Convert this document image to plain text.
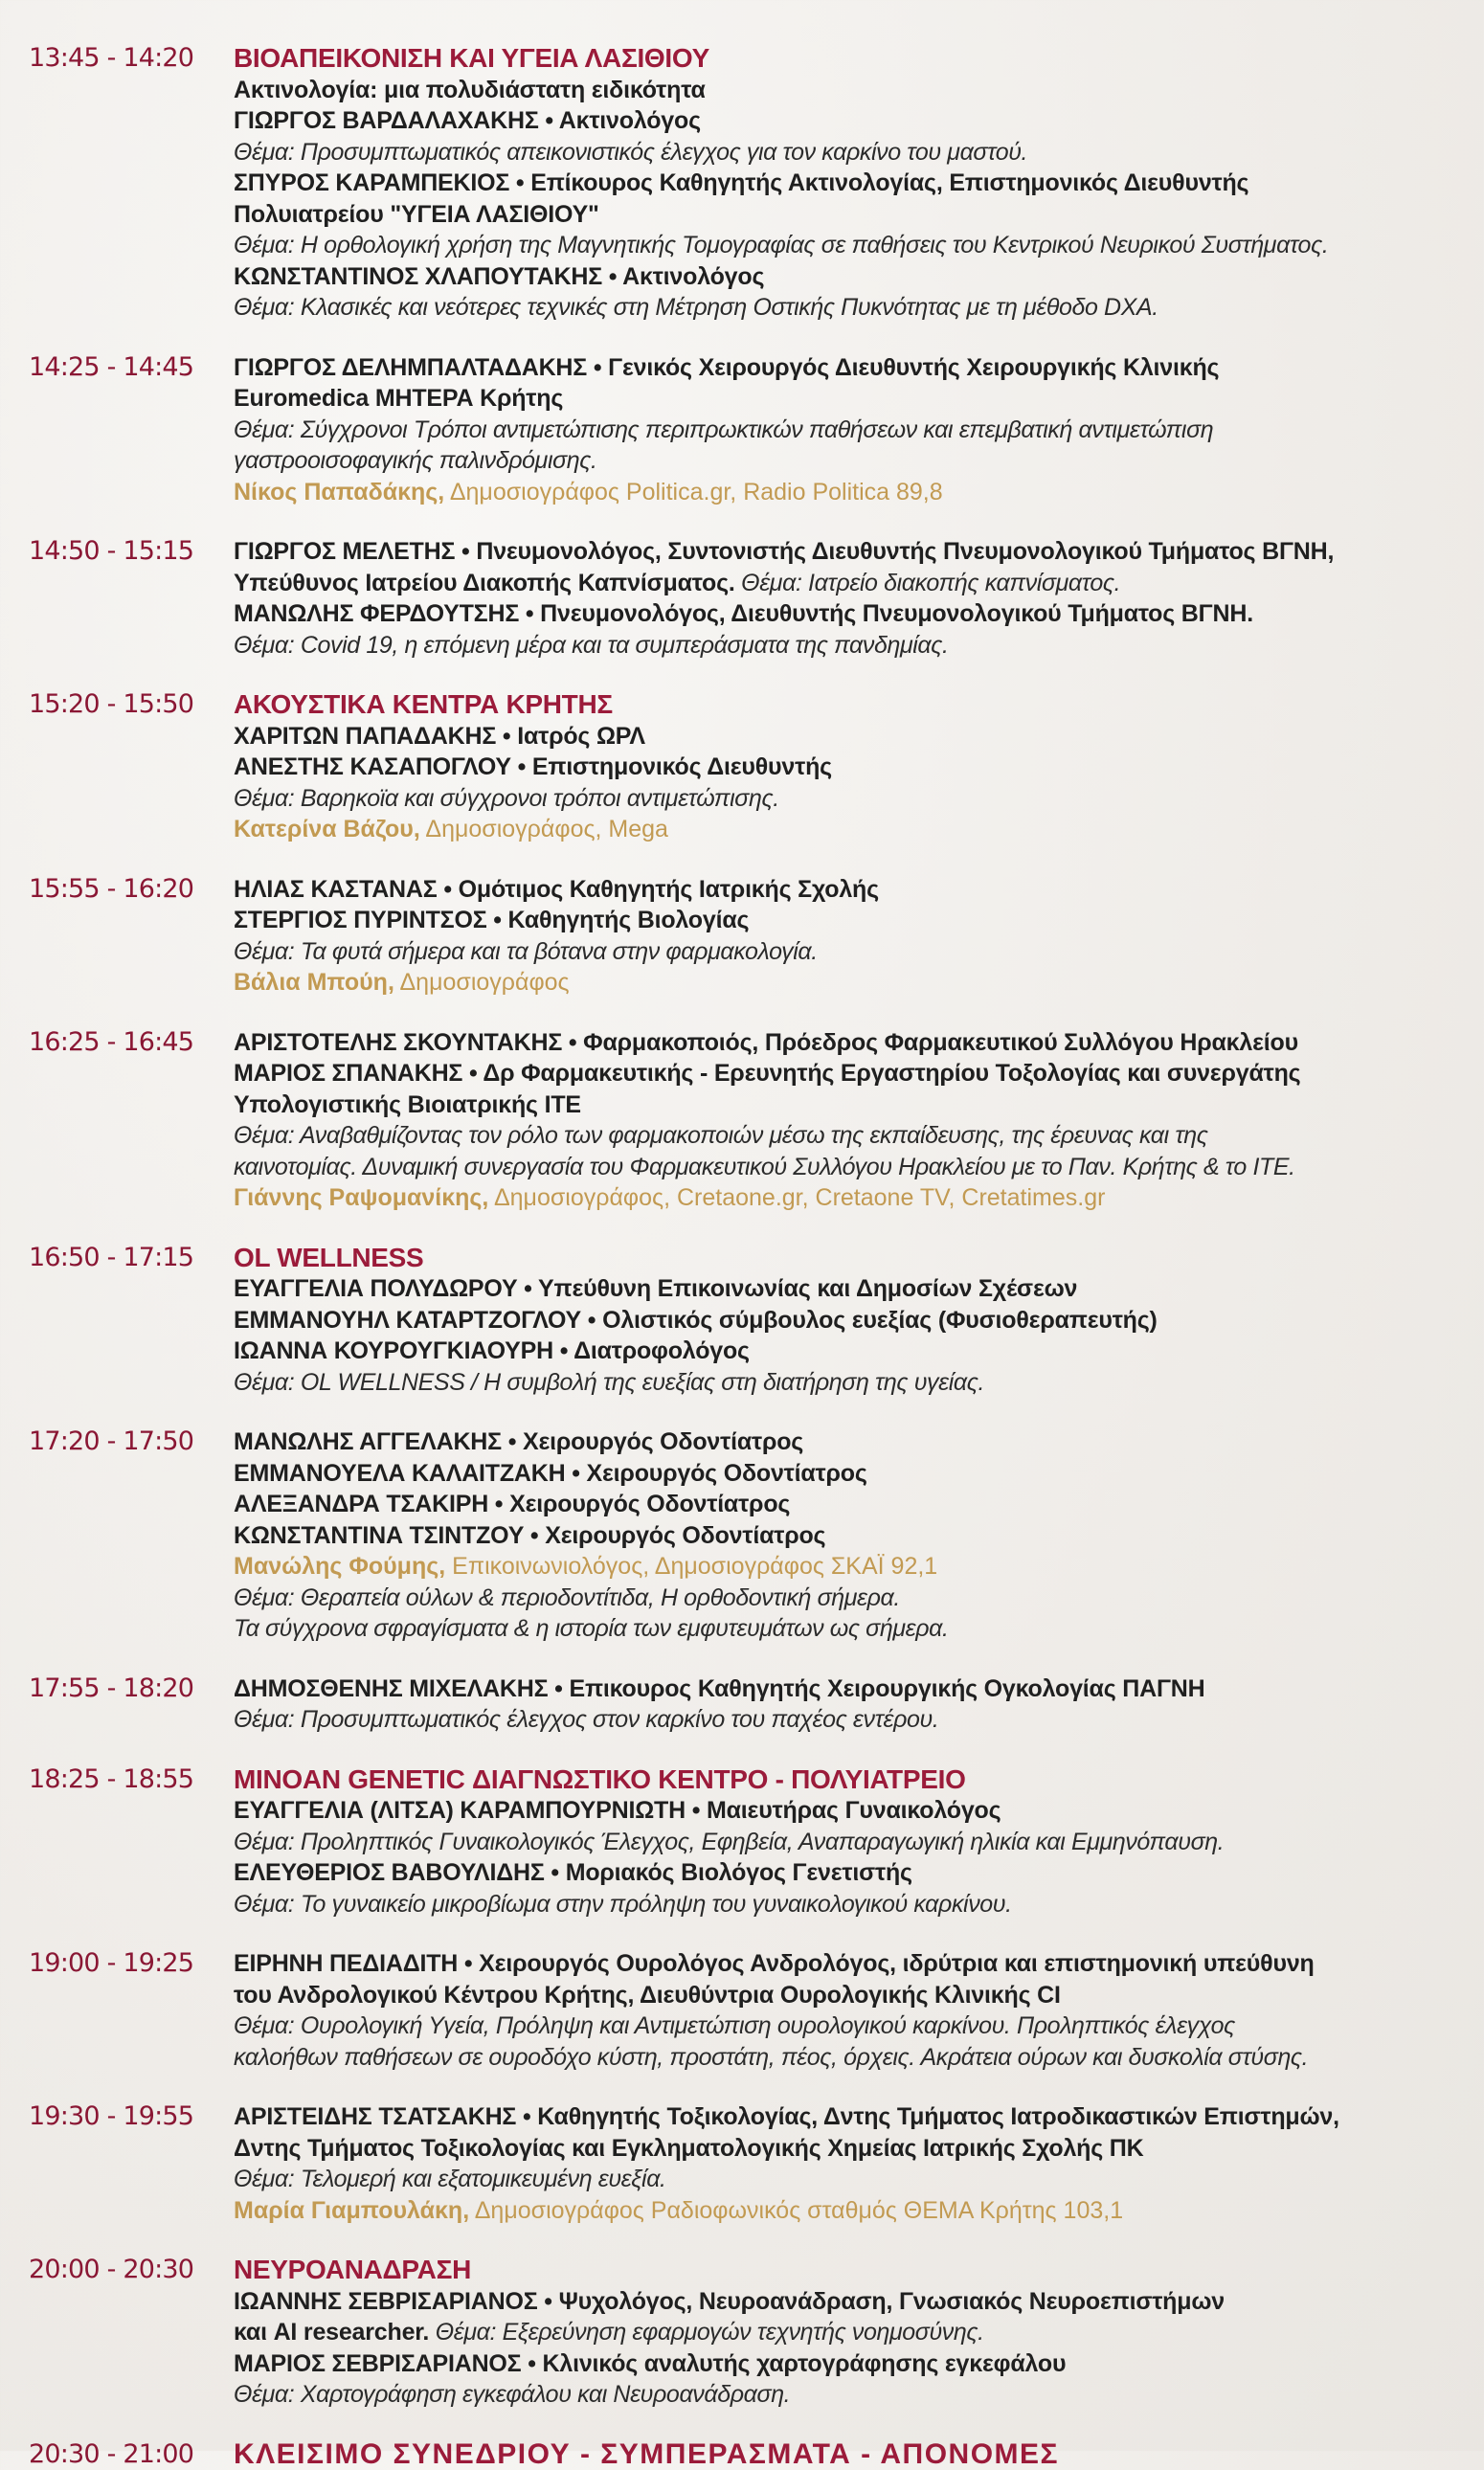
13:45 - 14:20	ΒΙΟΑΠΕΙΚΟΝΙΣΗ ΚΑΙ ΥΓΕΙΑ ΛΑΣΙΘΙΟΥ
Ακτινολογία: μια πολυδιάστατη ειδικότητα
ΓΙΩΡΓΟΣ ΒΑΡΔΑΛΑΧΑΚΗΣ • Ακτινολόγος
Θέμα: Προσυμπτωματικός απεικονιστικός έλεγχος για τον καρκίνο του μαστού.
ΣΠΥΡΟΣ ΚΑΡΑΜΠΕΚΙΟΣ • Επίκουρος Καθηγητής Ακτινολογίας, Επιστημονικός Διευθυντής
Πολυιατρείου "ΥΓΕΙΑ ΛΑΣΙΘΙΟΥ"
Θέμα: Η ορθολογική χρήση της Μαγνητικής Τομογραφίας σε παθήσεις του Κεντρικού Νευρικού Συστήματος.
ΚΩΝΣΤΑΝΤΙΝΟΣ ΧΛΑΠΟΥΤΑΚΗΣ • Ακτινολόγος
Θέμα: Κλασικές και νεότερες τεχνικές στη Μέτρηση Οστικής Πυκνότητας με τη μέθοδο DXA.
14:25 - 14:45	ΓΙΩΡΓΟΣ ΔΕΛΗΜΠΑΛΤΑΔΑΚΗΣ • Γενικός Χειρουργός Διευθυντής Χειρουργικής Κλινικής
Euromedica ΜΗΤΕΡΑ Κρήτης
Θέμα: Σύγχρονοι Τρόποι αντιμετώπισης περιπρωκτικών παθήσεων και επεμβατική αντιμετώπιση
γαστροοισοφαγικής παλινδρόμισης.
Νίκος Παπαδάκης, Δημοσιογράφος Politica.gr, Radio Politica 89,8
14:50 - 15:15	ΓΙΩΡΓΟΣ ΜΕΛΕΤΗΣ • Πνευμονολόγος, Συντονιστής Διευθυντής Πνευμονολογικού Τμήματος ΒΓΝΗ,
Υπεύθυνος Ιατρείου Διακοπής Καπνίσματος. Θέμα: Ιατρείο διακοπής καπνίσματος.
ΜΑΝΩΛΗΣ ΦΕΡΔΟΥΤΣΗΣ • Πνευμονολόγος, Διευθυντής Πνευμονολογικού Τμήματος ΒΓΝΗ.
Θέμα: Covid 19, η επόμενη μέρα και τα συμπεράσματα της πανδημίας.
15:20 - 15:50	ΑΚΟΥΣΤΙΚΑ ΚΕΝΤΡΑ ΚΡΗΤΗΣ
ΧΑΡΙΤΩΝ ΠΑΠΑΔΑΚΗΣ • Ιατρός ΩΡΛ
ΑΝΕΣΤΗΣ ΚΑΣΑΠΟΓΛΟΥ • Επιστημονικός Διευθυντής
Θέμα: Βαρηκοϊα και σύγχρονοι τρόποι αντιμετώπισης.
Κατερίνα Βάζου, Δημοσιογράφος, Mega
15:55 - 16:20	ΗΛΙΑΣ ΚΑΣΤΑΝΑΣ • Ομότιμος Καθηγητής Ιατρικής Σχολής
ΣΤΕΡΓΙΟΣ ΠΥΡΙΝΤΣΟΣ • Καθηγητής Βιολογίας
Θέμα: Τα φυτά σήμερα και τα βότανα στην φαρμακολογία.
Βάλια Μπούη, Δημοσιογράφος
16:25 - 16:45	ΑΡΙΣΤΟΤΕΛΗΣ ΣΚΟΥΝΤΑΚΗΣ • Φαρμακοποιός, Πρόεδρος Φαρμακευτικού Συλλόγου Ηρακλείου
ΜΑΡΙΟΣ ΣΠΑΝΑΚΗΣ • Δρ Φαρμακευτικής - Ερευνητής Εργαστηρίου Τοξολογίας και συνεργάτης
Υπολογιστικής Βιοιατρικής ΙΤΕ
Θέμα: Αναβαθμίζοντας τον ρόλο των φαρμακοποιών μέσω της εκπαίδευσης, της έρευνας και της
καινοτομίας. Δυναμική συνεργασία του Φαρμακευτικού Συλλόγου Ηρακλείου με το Παν. Κρήτης & το ΙΤΕ.
Γιάννης Ραψομανίκης, Δημοσιογράφος, Cretaone.gr, Cretaone TV, Cretatimes.gr
16:50 - 17:15	OL WELLNESS
ΕΥΑΓΓΕΛΙΑ ΠΟΛΥΔΩΡΟΥ • Υπεύθυνη Επικοινωνίας και Δημοσίων Σχέσεων
ΕΜΜΑΝΟΥΗΛ ΚΑΤΑΡΤΖΟΓΛΟΥ • Ολιστικός σύμβουλος ευεξίας (Φυσιοθεραπευτής)
ΙΩΑΝΝΑ ΚΟΥΡΟΥΓΚΙΑΟΥΡΗ • Διατροφολόγος
Θέμα: OL WELLNESS / Η συμβολή της ευεξίας στη διατήρηση της υγείας.
17:20 - 17:50	ΜΑΝΩΛΗΣ ΑΓΓΕΛΑΚΗΣ • Χειρουργός Οδοντίατρος
ΕΜΜΑΝΟΥΕΛΑ ΚΑΛΑΙΤΖΑΚΗ • Χειρουργός Οδοντίατρος
ΑΛΕΞΑΝΔΡΑ ΤΣΑΚΙΡΗ • Χειρουργός Οδοντίατρος
ΚΩΝΣΤΑΝΤΙΝΑ ΤΣΙΝΤΖΟΥ • Χειρουργός Οδοντίατρος
Μανώλης Φούμης, Επικοινωνιολόγος, Δημοσιογράφος ΣΚΑΪ 92,1
Θέμα: Θεραπεία ούλων & περιοδοντίτιδα, Η ορθοδοντική σήμερα.
Τα σύγχρονα σφραγίσματα & η ιστορία των εμφυτευμάτων ως σήμερα.
17:55 - 18:20	ΔΗΜΟΣΘΕΝΗΣ ΜΙΧΕΛΑΚΗΣ • Επικουρος Καθηγητής Χειρουργικής Ογκολογίας ΠΑΓΝΗ
Θέμα: Προσυμπτωματικός έλεγχος στον καρκίνο του παχέος εντέρου.
18:25 - 18:55	MINOAN GENETIC ΔΙΑΓΝΩΣΤΙΚΟ ΚΕΝΤΡΟ - ΠΟΛΥΙΑΤΡΕΙΟ
ΕΥΑΓΓΕΛΙΑ (ΛΙΤΣΑ) ΚΑΡΑΜΠΟΥΡΝΙΩΤΗ • Μαιευτήρας Γυναικολόγος
Θέμα: Προληπτικός Γυναικολογικός Έλεγχος, Εφηβεία, Αναπαραγωγική ηλικία και Εμμηνόπαυση.
ΕΛΕΥΘΕΡΙΟΣ ΒΑΒΟΥΛΙΔΗΣ • Μοριακός Βιολόγος Γενετιστής
Θέμα: Το γυναικείο μικροβίωμα στην πρόληψη του γυναικολογικού καρκίνου.
19:00 - 19:25	ΕΙΡΗΝΗ ΠΕΔΙΑΔΙΤΗ • Χειρουργός Ουρολόγος Ανδρολόγος, ιδρύτρια και επιστημονική υπεύθυνη
του Ανδρολογικού Κέντρου Κρήτης, Διευθύντρια Ουρολογικής Κλινικής CI
Θέμα: Ουρολογική Υγεία, Πρόληψη και Αντιμετώπιση ουρολογικού καρκίνου. Προληπτικός έλεγχος
καλοήθων παθήσεων σε ουροδόχο κύστη, προστάτη, πέος, όρχεις. Ακράτεια ούρων και δυσκολία στύσης.
19:30 - 19:55	ΑΡΙΣΤΕΙΔΗΣ ΤΣΑΤΣΑΚΗΣ • Καθηγητής Τοξικολογίας, Δντης Τμήματος Ιατροδικαστικών Επιστημών,
Δντης Τμήματος Τοξικολογίας και Εγκληματολογικής Χημείας Ιατρικής Σχολής ΠΚ
Θέμα: Τελομερή και εξατομικευμένη ευεξία.
Μαρία Γιαμπουλάκη, Δημοσιογράφος Ραδιοφωνικός σταθμός ΘΕΜΑ Κρήτης 103,1
20:00 - 20:30	ΝΕΥΡΟΑΝΑΔΡΑΣΗ
ΙΩΑΝΝΗΣ ΣΕΒΡΙΣΑΡΙΑΝΟΣ • Ψυχολόγος, Νευροανάδραση, Γνωσιακός Νευροεπιστήμων
και AI researcher. Θέμα: Εξερεύνηση εφαρμογών τεχνητής νοημοσύνης.
ΜΑΡΙΟΣ ΣΕΒΡΙΣΑΡΙΑΝΟΣ • Κλινικός αναλυτής χαρτογράφησης εγκεφάλου
Θέμα: Χαρτογράφηση εγκεφάλου και Νευροανάδραση.
20:30 - 21:00	ΚΛΕΙΣΙΜΟ ΣΥΝΕΔΡΙΟΥ - ΣΥΜΠΕΡΑΣΜΑΤΑ - ΑΠΟΝΟΜΕΣ
